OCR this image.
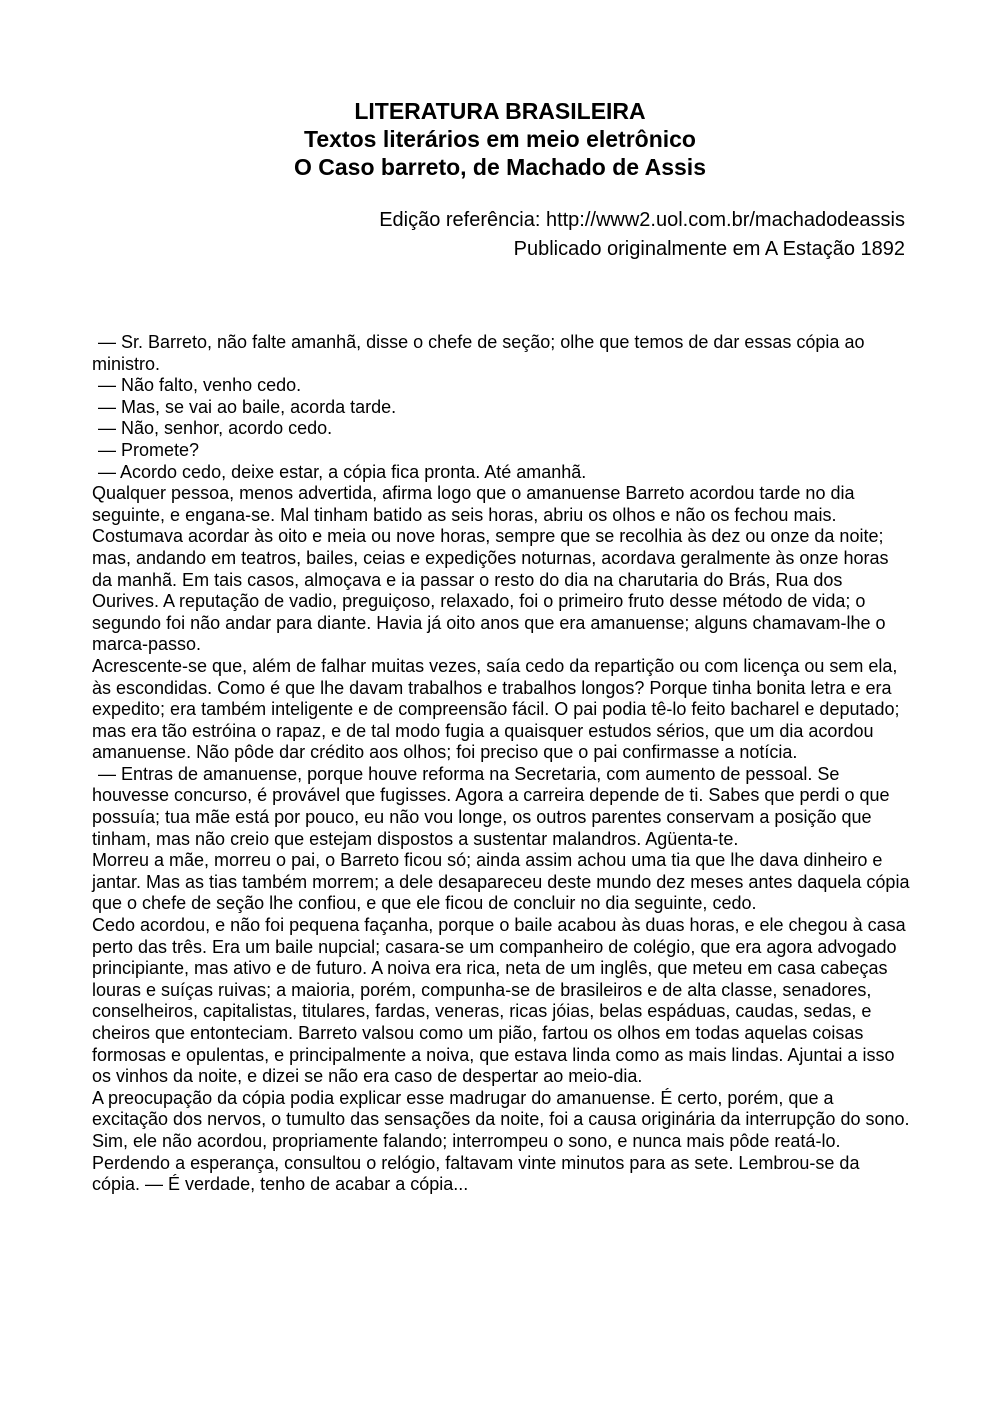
LITERATURA BRASILEIRA
Textos literários em meio eletrônico
O Caso barreto, de Machado de Assis
Edição referência: http://www2.uol.com.br/machadodeassis
Publicado originalmente em A Estação 1892

— Sr. Barreto, não falte amanhã, disse o chefe de seção; olhe que temos de dar essas cópia ao ministro.

— Não falto, venho cedo.

— Mas, se vai ao baile, acorda tarde.

— Não, senhor, acordo cedo.

— Promete?

— Acordo cedo, deixe estar, a cópia fica pronta. Até amanhã.

Qualquer pessoa, menos advertida, afirma logo que o amanuense Barreto acordou tarde no dia seguinte, e engana-se. Mal tinham batido as seis horas, abriu os olhos e não os fechou mais. Costumava acordar às oito e meia ou nove horas, sempre que se recolhia às dez ou onze da noite; mas, andando em teatros, bailes, ceias e expedições noturnas, acordava geralmente às onze horas da manhã. Em tais casos, almoçava e ia passar o resto do dia na charutaria do Brás, Rua dos Ourives. A reputação de vadio, preguiçoso, relaxado, foi o primeiro fruto desse método de vida; o segundo foi não andar para diante. Havia já oito anos que era amanuense; alguns chamavam-lhe o marca-passo.

Acrescente-se que, além de falhar muitas vezes, saía cedo da repartição ou com licença ou sem ela, às escondidas. Como é que lhe davam trabalhos e trabalhos longos? Porque tinha bonita letra e era expedito; era também inteligente e de compreensão fácil. O pai podia tê-lo feito bacharel e deputado; mas era tão estróina o rapaz, e de tal modo fugia a quaisquer estudos sérios, que um dia acordou amanuense. Não pôde dar crédito aos olhos; foi preciso que o pai confirmasse a notícia.

— Entras de amanuense, porque houve reforma na Secretaria, com aumento de pessoal. Se houvesse concurso, é provável que fugisses. Agora a carreira depende de ti. Sabes que perdi o que possuía; tua mãe está por pouco, eu não vou longe, os outros parentes conservam a posição que tinham, mas não creio que estejam dispostos a sustentar malandros. Agüenta-te.

Morreu a mãe, morreu o pai, o Barreto ficou só; ainda assim achou uma tia que lhe dava dinheiro e jantar. Mas as tias também morrem; a dele desapareceu deste mundo dez meses antes daquela cópia que o chefe de seção lhe confiou, e que ele ficou de concluir no dia seguinte, cedo.

Cedo acordou, e não foi pequena façanha, porque o baile acabou às duas horas, e ele chegou à casa perto das três. Era um baile nupcial; casara-se um companheiro de colégio, que era agora advogado principiante, mas ativo e de futuro. A noiva era rica, neta de um inglês, que meteu em casa cabeças louras e suíças ruivas; a maioria, porém, compunha-se de brasileiros e de alta classe, senadores, conselheiros, capitalistas, titulares, fardas, veneras, ricas jóias, belas espáduas, caudas, sedas, e cheiros que entonteciam. Barreto valsou como um pião, fartou os olhos em todas aquelas coisas formosas e opulentas, e principalmente a noiva, que estava linda como as mais lindas. Ajuntai a isso os vinhos da noite, e dizei se não era caso de despertar ao meio-dia.

A preocupação da cópia podia explicar esse madrugar do amanuense. É certo, porém, que a excitação dos nervos, o tumulto das sensações da noite, foi a causa originária da interrupção do sono. Sim, ele não acordou, propriamente falando; interrompeu o sono, e nunca mais pôde reatá-lo. Perdendo a esperança, consultou o relógio, faltavam vinte minutos para as sete. Lembrou-se da cópia. — É verdade, tenho de acabar a cópia...
